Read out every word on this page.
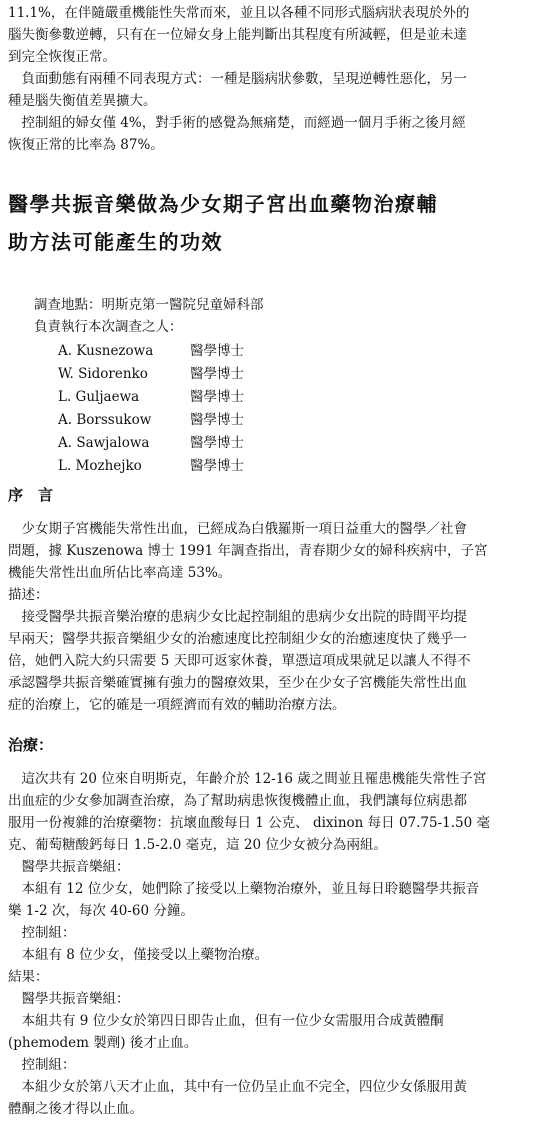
11.1%，在伴隨嚴重機能性失常而來，並且以各種不同形式腦病狀表現於外的
腦失衡參數逆轉，只有在一位婦女身上能判斷出其程度有所減輕，但是並未達
到完全恢復正常。
　負面動態有兩種不同表現方式：一種是腦病狀參數，呈現逆轉性惡化，另一
種是腦失衡值差異擴大。
　控制組的婦女僅 4%，對手術的感覺為無痛楚，而經過一個月手術之後月經
恢復正常的比率為 87%。
醫學共振音樂做為少女期子宮出血藥物治療輔
助方法可能產生的功效
調查地點：明斯克第一醫院兒童婦科部
負責執行本次調查之人：
A. Kusnezowa	醫學博士
W. Sidorenko	醫學博士
L. Guljaewa	醫學博士
A. Borssukow	醫學博士
A. Sawjalowa	醫學博士
L. Mozhejko	醫學博士
序　言
　少女期子宮機能失常性出血，已經成為白俄羅斯一項日益重大的醫學／社會
問題，據 Kuszenowa 博士 1991 年調查指出，青春期少女的婦科疾病中，子宮
機能失常性出血所佔比率高達 53%。
描述：
　接受醫學共振音樂治療的患病少女比起控制組的患病少女出院的時間平均提
早兩天；醫學共振音樂組少女的治癒速度比控制組少女的治癒速度快了幾乎一
倍，她們入院大約只需要 5 天即可返家休養，單憑這項成果就足以讓人不得不
承認醫學共振音樂確實擁有強力的醫療效果，至少在少女子宮機能失常性出血
症的治療上，它的確是一項經濟而有效的輔助治療方法。
治療：
　這次共有 20 位來自明斯克，年齡介於 12-16 歲之間並且罹患機能失常性子宮
出血症的少女參加調查治療，為了幫助病患恢復機體止血，我們讓每位病患都
服用一份複雜的治療藥物：抗壞血酸每日 1 公克、 dixinon 每日 07.75-1.50 毫
克、葡萄糖酸鈣每日 1.5-2.0 毫克，這 20 位少女被分為兩組。
　醫學共振音樂組：
　本組有 12 位少女，她們除了接受以上藥物治療外，並且每日聆聽醫學共振音
樂 1-2 次，每次 40-60 分鐘。
　控制組：
　本組有 8 位少女，僅接受以上藥物治療。
結果：
　醫學共振音樂組：
　本組共有 9 位少女於第四日即告止血，但有一位少女需服用合成黃體酮
(phemodem 製劑) 後才止血。
　控制組：
　本組少女於第八天才止血，其中有一位仍呈止血不完全，四位少女係服用黃
體酮之後才得以止血。
